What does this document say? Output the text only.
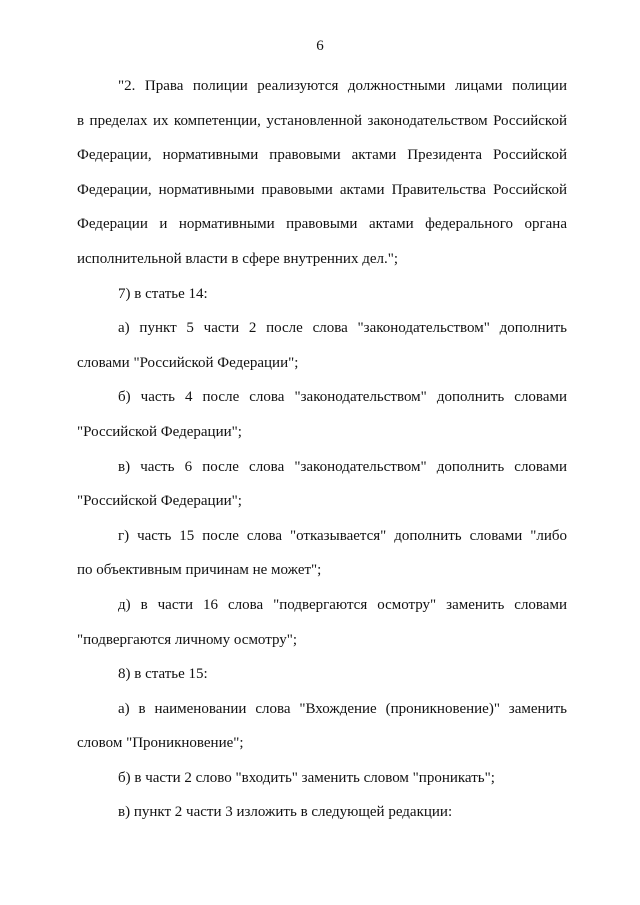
6
"2. Права полиции реализуются должностными лицами полиции
в пределах их компетенции, установленной законодательством Российской
Федерации, нормативными правовыми актами Президента Российской
Федерации, нормативными правовыми актами Правительства Российской
Федерации и нормативными правовыми актами федерального органа
исполнительной власти в сфере внутренних дел.";
7) в статье 14:
а) пункт 5 части 2 после слова "законодательством" дополнить
словами "Российской Федерации";
б) часть 4 после слова "законодательством" дополнить словами
"Российской Федерации";
в) часть 6 после слова "законодательством" дополнить словами
"Российской Федерации";
г) часть 15 после слова "отказывается" дополнить словами "либо
по объективным причинам не может";
д) в части 16 слова "подвергаются осмотру" заменить словами
"подвергаются личному осмотру";
8) в статье 15:
а) в наименовании слова "Вхождение (проникновение)" заменить
словом "Проникновение";
б) в части 2 слово "входить" заменить словом "проникать";
в) пункт 2 части 3 изложить в следующей редакции:
